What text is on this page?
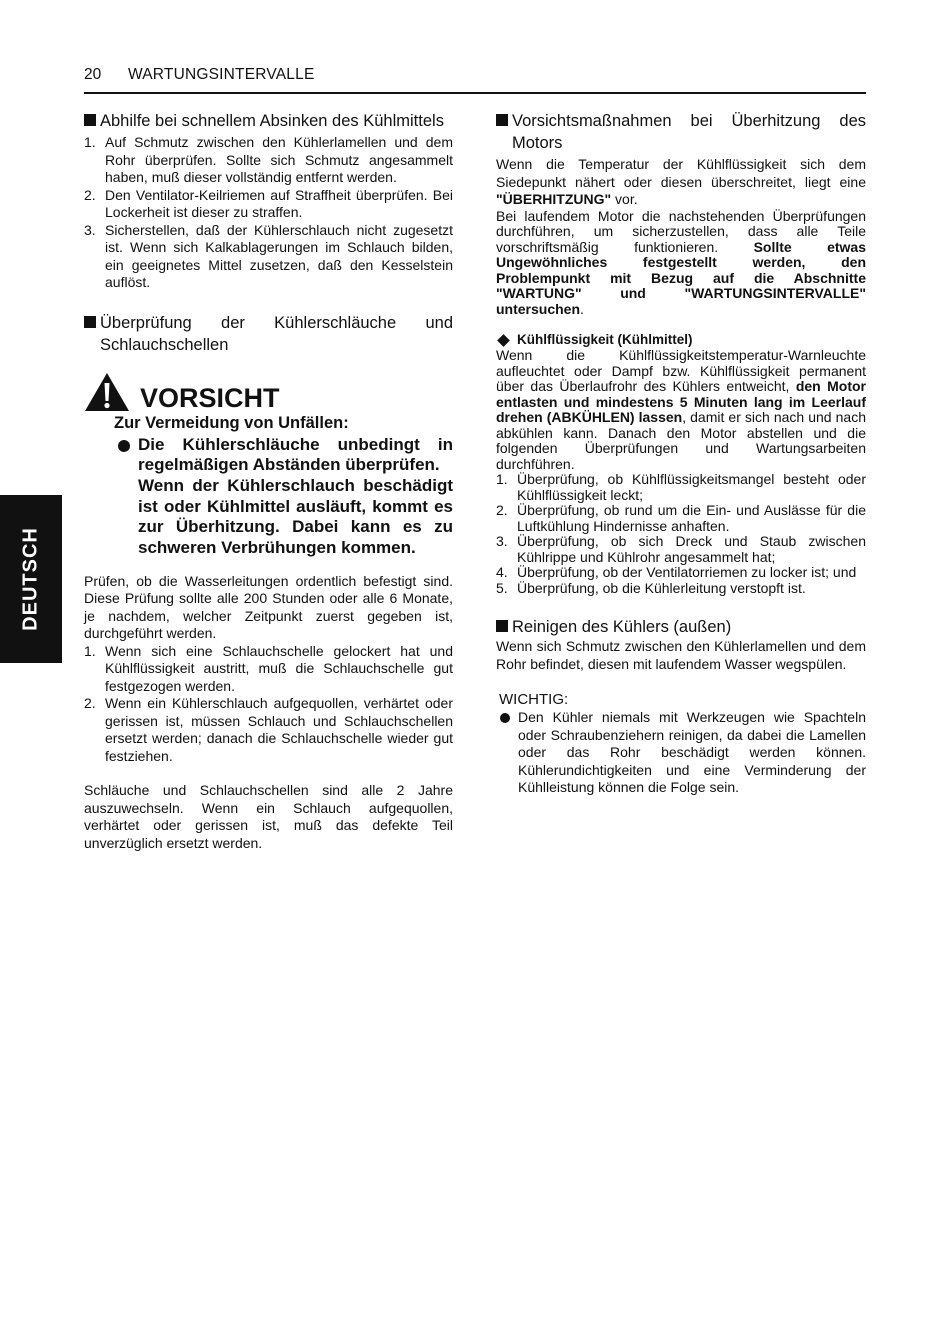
20 WARTUNGSINTERVALLE
DEUTSCH
Abhilfe bei schnellem Absinken des Kühlmittels
1. Auf Schmutz zwischen den Kühlerlamellen und dem Rohr überprüfen. Sollte sich Schmutz angesammelt haben, muß dieser vollständig entfernt werden.
2. Den Ventilator-Keilriemen auf Straffheit überprüfen. Bei Lockerheit ist dieser zu straffen.
3. Sicherstellen, daß der Kühlerschlauch nicht zugesetzt ist. Wenn sich Kalkablagerungen im Schlauch bilden, ein geeignetes Mittel zusetzen, daß den Kesselstein auflöst.
Überprüfung der Kühlerschläuche und Schlauchschellen
VORSICHT
Zur Vermeidung von Unfällen:

Die Kühlerschläuche unbedingt in regelmäßigen Abständen überprüfen.

Wenn der Kühlerschlauch beschädigt ist oder Kühlmittel ausläuft, kommt es zur Überhitzung. Dabei kann es zu schweren Verbrühungen kommen.

Prüfen, ob die Wasserleitungen ordentlich befestigt sind. Diese Prüfung sollte alle 200 Stunden oder alle 6 Monate, je nachdem, welcher Zeitpunkt zuerst gegeben ist, durchgeführt werden.

1. Wenn sich eine Schlauchschelle gelockert hat und Kühlflüssigkeit austritt, muß die Schlauchschelle gut festgezogen werden.
2. Wenn ein Kühlerschlauch aufgequollen, verhärtet oder gerissen ist, müssen Schlauch und Schlauchschellen ersetzt werden; danach die Schlauchschelle wieder gut festziehen.

Schläuche und Schlauchschellen sind alle 2 Jahre auszuwechseln. Wenn ein Schlauch aufgequollen, verhärtet oder gerissen ist, muß das defekte Teil unverzüglich ersetzt werden.

Vorsichtsmaßnahmen bei Überhitzung des Motors

Wenn die Temperatur der Kühlflüssigkeit sich dem Siedepunkt nähert oder diesen überschreitet, liegt eine "ÜBERHITZUNG" vor.

Bei laufendem Motor die nachstehenden Überprüfungen durchführen, um sicherzustellen, dass alle Teile vorschriftsmäßig funktionieren. Sollte etwas Ungewöhnliches festgestellt werden, den Problempunkt mit Bezug auf die Abschnitte "WARTUNG" und "WARTUNGSINTERVALLE" untersuchen.

Kühlflüssigkeit (Kühlmittel)

Wenn die Kühlflüssigkeitstemperatur-Warnleuchte aufleuchtet oder Dampf bzw. Kühlflüssigkeit permanent über das Überlaufrohr des Kühlers entweicht, den Motor entlasten und mindestens 5 Minuten lang im Leerlauf drehen (ABKÜHLEN) lassen, damit er sich nach und nach abkühlen kann. Danach den Motor abstellen und die folgenden Überprüfungen und Wartungsarbeiten durchführen.

1. Überprüfung, ob Kühlflüssigkeitsmangel besteht oder Kühlflüssigkeit leckt;
2. Überprüfung, ob rund um die Ein- und Auslässe für die Luftkühlung Hindernisse anhaften.
3. Überprüfung, ob sich Dreck und Staub zwischen Kühlrippe und Kühlrohr angesammelt hat;
4. Überprüfung, ob der Ventilatorriemen zu locker ist; und
5. Überprüfung, ob die Kühlerleitung verstopft ist.
Reinigen des Kühlers (außen)

Wenn sich Schmutz zwischen den Kühlerlamellen und dem Rohr befindet, diesen mit laufendem Wasser wegspülen.

WICHTIG:

Den Kühler niemals mit Werkzeugen wie Spachteln oder Schraubenziehern reinigen, da dabei die Lamellen oder das Rohr beschädigt werden können. Kühlerundichtigkeiten und eine Verminderung der Kühlleistung können die Folge sein.
